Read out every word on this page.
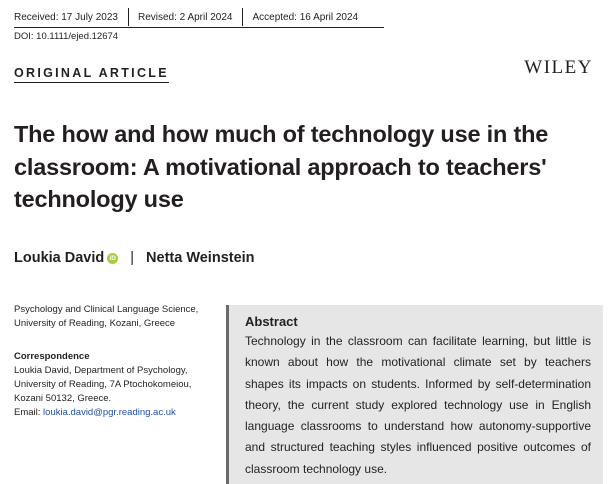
Received: 17 July 2023	Revised: 2 April 2024	Accepted: 16 April 2024
DOI: 10.1111/ejed.12674
ORIGINAL ARTICLE	WILEY
The how and how much of technology use in the classroom: A motivational approach to teachers' technology use
Loukia David iD | Netta Weinstein

Psychology and Clinical Language Science, University of Reading, Kozani, Greece

Correspondence
Loukia David, Department of Psychology,
University of Reading, 7A Ptochokomeiou,
Kozani 50132, Greece.
Email: loukia.david@pgr.reading.ac.uk
Abstract

Technology in the classroom can facilitate learning, but little is known about how the motivational climate set by teachers shapes its impacts on students. Informed by self-determination theory, the current study explored technology use in English language classrooms to understand how autonomy-supportive and structured teaching styles influenced positive outcomes of classroom technology use.
